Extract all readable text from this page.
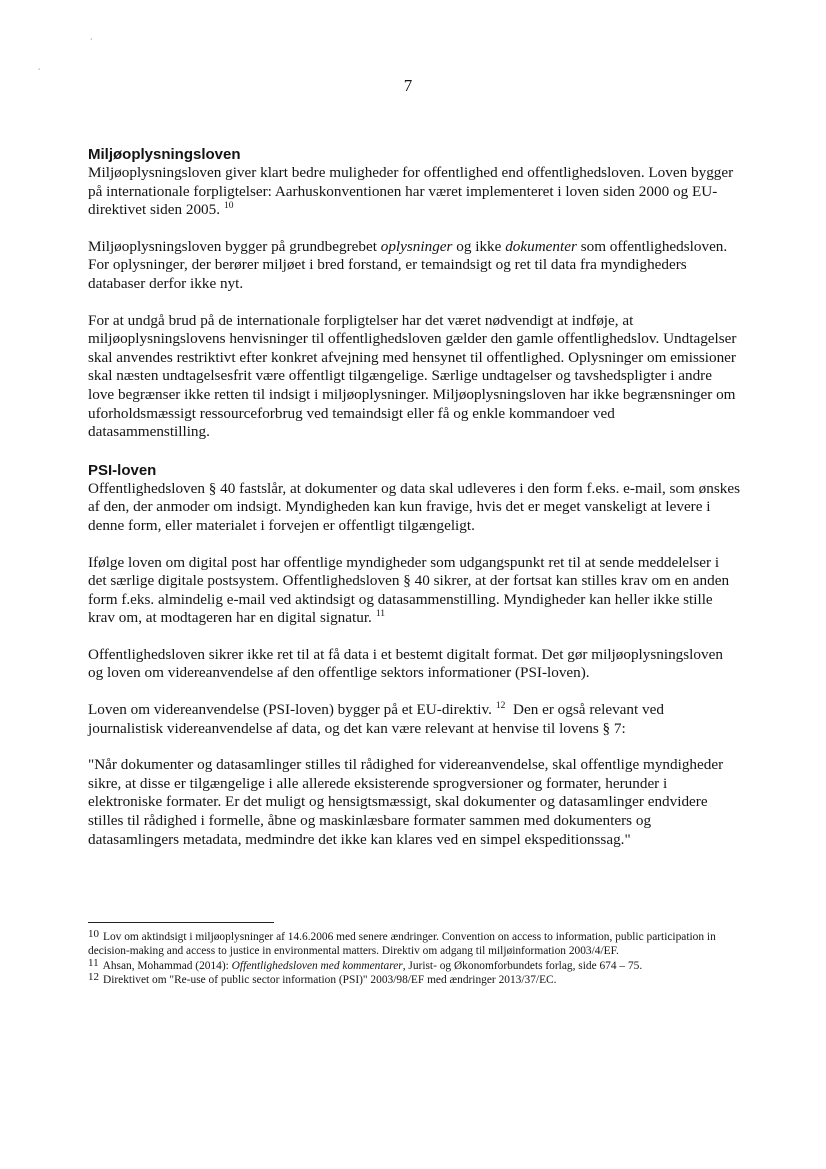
˙
˙
7
Miljøoplysningsloven

Miljøoplysningsloven giver klart bedre muligheder for offentlighed end offentlighedsloven. Loven bygger på internationale forpligtelser: Aarhuskonventionen har været implementeret i loven siden 2000 og EU-direktivet siden 2005. $^{10}$

Miljøoplysningsloven bygger på grundbegrebet oplysninger og ikke dokumenter som offentlighedsloven. For oplysninger, der berører miljøet i bred forstand, er temaindsigt og ret til data fra myndigheders databaser derfor ikke nyt.

For at undgå brud på de internationale forpligtelser har det været nødvendigt at indføje, at miljøoplysningslovens henvisninger til offentlighedsloven gælder den gamle offentlighedslov. Undtagelser skal anvendes restriktivt efter konkret afvejning med hensynet til offentlighed. Oplysninger om emissioner skal næsten undtagelsesfrit være offentligt tilgængelige. Særlige undtagelser og tavshedspligter i andre love begrænser ikke retten til indsigt i miljøoplysninger. Miljøoplysningsloven har ikke begrænsninger om uforholdsmæssigt ressourceforbrug ved temaindsigt eller få og enkle kommandoer ved datasammenstilling.

PSI-loven

Offentlighedsloven § 40 fastslår, at dokumenter og data skal udleveres i den form f.eks. e-mail, som ønskes af den, der anmoder om indsigt. Myndigheden kan kun fravige, hvis det er meget vanskeligt at levere i denne form, eller materialet i forvejen er offentligt tilgængeligt.

Ifølge loven om digital post har offentlige myndigheder som udgangspunkt ret til at sende meddelelser i det særlige digitale postsystem. Offentlighedsloven § 40 sikrer, at der fortsat kan stilles krav om en anden form f.eks. almindelig e-mail ved aktindsigt og datasammenstilling. Myndigheder kan heller ikke stille krav om, at modtageren har en digital signatur. $^{11}$

Offentlighedsloven sikrer ikke ret til at få data i et bestemt digitalt format. Det gør miljøoplysningsloven og loven om videreanvendelse af den offentlige sektors informationer (PSI-loven).

Loven om videreanvendelse (PSI-loven) bygger på et EU-direktiv. $^{12}$  Den er også relevant ved journalistisk videreanvendelse af data, og det kan være relevant at henvise til lovens § 7:

"Når dokumenter og datasamlinger stilles til rådighed for videreanvendelse, skal offentlige myndigheder sikre, at disse er tilgængelige i alle allerede eksisterende sprogversioner og formater, herunder i elektroniske formater. Er det muligt og hensigtsmæssigt, skal dokumenter og datasamlinger endvidere stilles til rådighed i formelle, åbne og maskinlæsbare formater sammen med dokumenters og datasamlingers metadata, medmindre det ikke kan klares ved en simpel ekspeditionssag."

$^{10}$ Lov om aktindsigt i miljøoplysninger af 14.6.2006 med senere ændringer. Convention on access to information, public participation in decision-making and access to justice in environmental matters. Direktiv om adgang til miljøinformation 2003/4/EF.

$^{11}$ Ahsan, Mohammad (2014): Offentlighedsloven med kommentarer, Jurist- og Økonomforbundets forlag, side 674 – 75.

$^{12}$ Direktivet om "Re-use of public sector information (PSI)" 2003/98/EF med ændringer 2013/37/EC.
